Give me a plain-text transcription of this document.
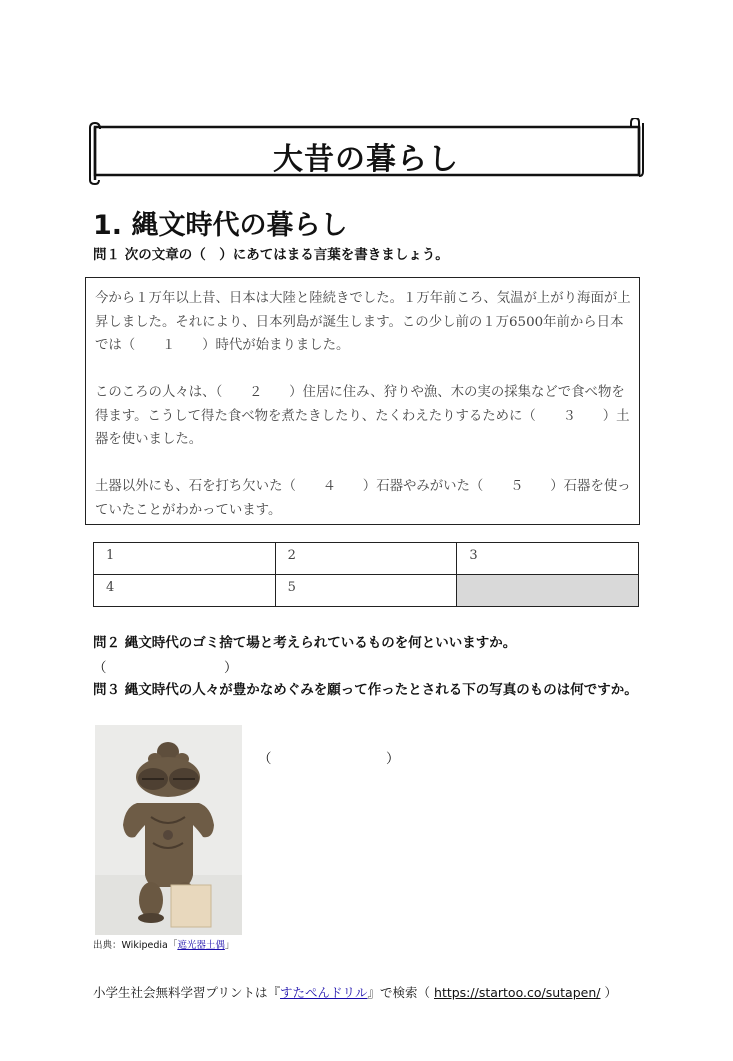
大昔の暮らし
1. 縄文時代の暮らし
問１ 次の文章の（　）にあてはまる言葉を書きましょう。

今から１万年以上昔、日本は大陸と陸続きでした。１万年前ころ、気温が上がり海面が上昇しました。それにより、日本列島が誕生します。この少し前の１万6500年前から日本では（　　１　　）時代が始まりました。

このころの人々は、（　　２　　）住居に住み、狩りや漁、木の実の採集などで食べ物を得ます。こうして得た食べ物を煮たきしたり、たくわえたりするために（　　３　　）土器を使いました。

土器以外にも、石を打ち欠いた（　　４　　）石器やみがいた（　　５　　）石器を使っていたことがわかっています。

1	2	3
4	5	
問２ 縄文時代のゴミ捨て場と考えられているものを何といいますか。
（	）
問３ 縄文時代の人々が豊かなめぐみを願って作ったとされる下の写真のものは何ですか。
（	）
出典：Wikipedia「遮光器土偶」
小学生社会無料学習プリントは『すたぺんドリル』で検索（ https://startoo.co/sutapen/ ）
